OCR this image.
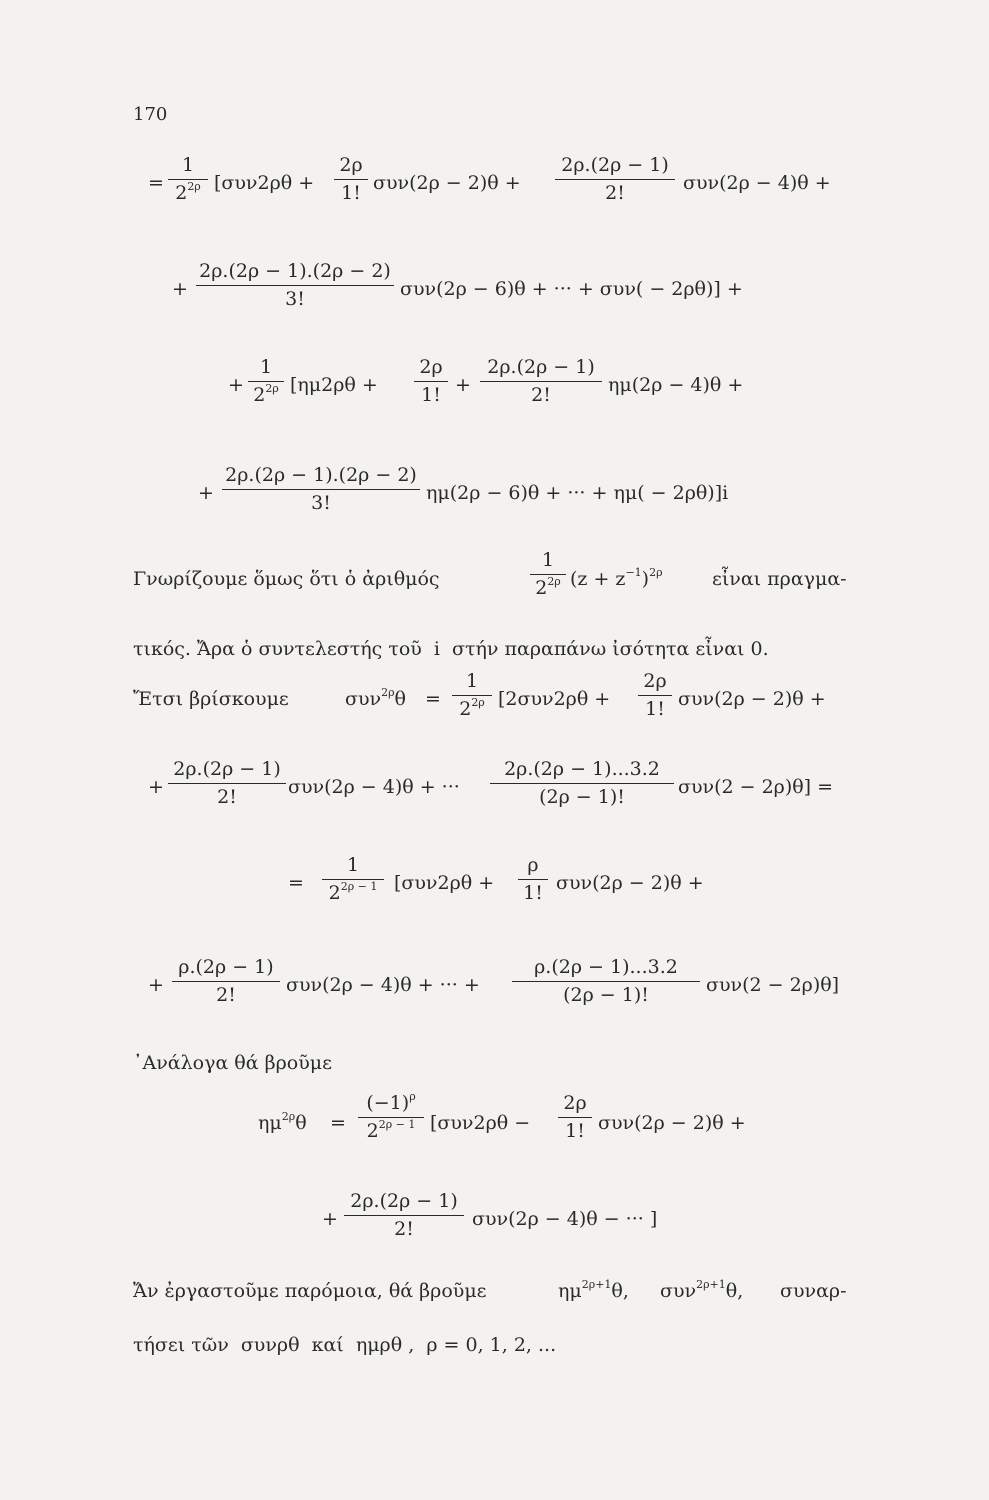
170
=
1
$2^{2\rho}$ [συν2ρθ +
2ρ
1! συν(2ρ − 2)θ +
2ρ.(2ρ − 1)
2!	συν(2ρ − 4)θ +
+
2ρ.(2ρ − 1).(2ρ − 2)
3!	συν(2ρ − 6)θ + ··· + συν( − 2ρθ)] +
+
1
$2^{2\rho}$ [ημ2ρθ +
2ρ
1! +
2ρ.(2ρ − 1)
2!	ημ(2ρ − 4)θ +
+
2ρ.(2ρ − 1).(2ρ − 2)
3!	ημ(2ρ − 6)θ + ··· + ημ( − 2ρθ)]i
Γνωρίζουμε ὅμως ὅτι ὁ ἀριθμός
1
$2^{2\rho}$ $(z + z^{-1})^{2\rho}$	εἶναι πραγμα-
τικός. Ἄρα ὁ συντελεστής τοῦ  i  στήν παραπάνω ἰσότητα εἶναι 0.
Ἔτσι βρίσκουμε	συν$^{2\rho}$θ =
1
$2^{2\rho}$ [2συν2ρθ +
2ρ
1! συν(2ρ − 2)θ +
+
2ρ.(2ρ − 1)
2!	συν(2ρ − 4)θ + ···
2ρ.(2ρ − 1)...3.2
(2ρ − 1)!	συν(2 − 2ρ)θ] =
=
1
$2^{2\rho - 1}$ [συν2ρθ +
ρ
1! συν(2ρ − 2)θ +
+
ρ.(2ρ − 1)
2!	συν(2ρ − 4)θ + ··· +
ρ.(2ρ − 1)...3.2
(2ρ − 1)!	συν(2 − 2ρ)θ]
᾿Ανάλογα θά βροῦμε
$\eta\mu^{2\rho}\theta$ =
$(-1)^\rho$
$2^{2\rho - 1}$ [συν2ρθ −
2ρ
1! συν(2ρ − 2)θ +
+
2ρ.(2ρ − 1)
2!	συν(2ρ − 4)θ − ··· ]
Ἄν ἐργαστοῦμε παρόμοια, θά βροῦμε	$\eta\mu^{2\rho+1}\theta$, συν$^{2\rho+1}$θ, συναρ-
τήσει τῶν  συνρθ  καί  ημρθ ,  ρ = 0, 1, 2, ...
